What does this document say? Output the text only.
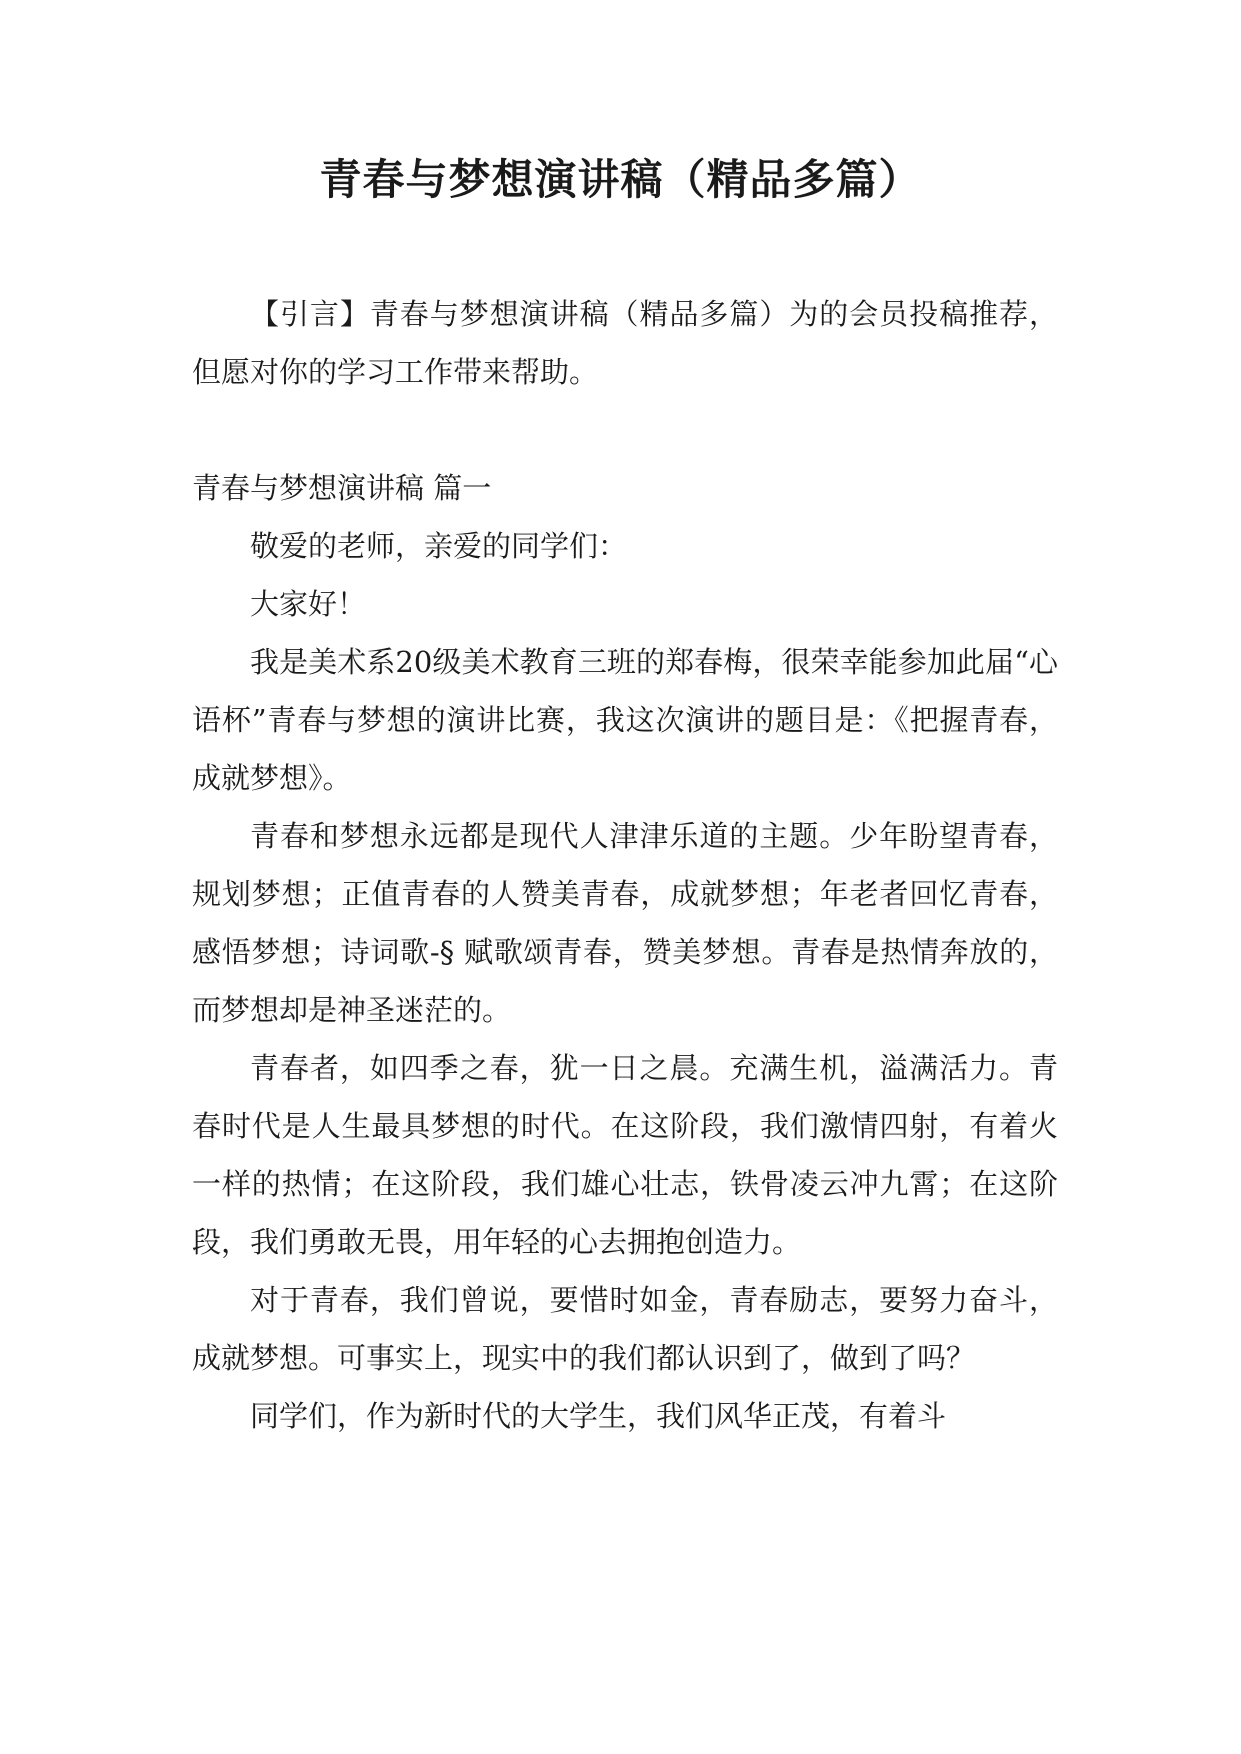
青春与梦想演讲稿（精品多篇）

【引言】青春与梦想演讲稿（精品多篇）为的会员投稿推荐，但愿对你的学习工作带来帮助。

青春与梦想演讲稿 篇一

敬爱的老师，亲爱的同学们：

大家好！

我是美术系20级美术教育三班的郑春梅，很荣幸能参加此届“心语杯”青春与梦想的演讲比赛，我这次演讲的题目是：《把握青春，成就梦想》。

青春和梦想永远都是现代人津津乐道的主题。少年盼望青春，规划梦想；正值青春的人赞美青春，成就梦想；年老者回忆青春，感悟梦想；诗词歌-§ 赋歌颂青春，赞美梦想。青春是热情奔放的，而梦想却是神圣迷茫的。

青春者，如四季之春，犹一日之晨。充满生机，溢满活力。青春时代是人生最具梦想的时代。在这阶段，我们激情四射，有着火一样的热情；在这阶段，我们雄心壮志，铁骨凌云冲九霄；在这阶段，我们勇敢无畏，用年轻的心去拥抱创造力。

对于青春，我们曾说，要惜时如金，青春励志，要努力奋斗，成就梦想。可事实上，现实中的我们都认识到了，做到了吗？

同学们，作为新时代的大学生，我们风华正茂，有着斗
